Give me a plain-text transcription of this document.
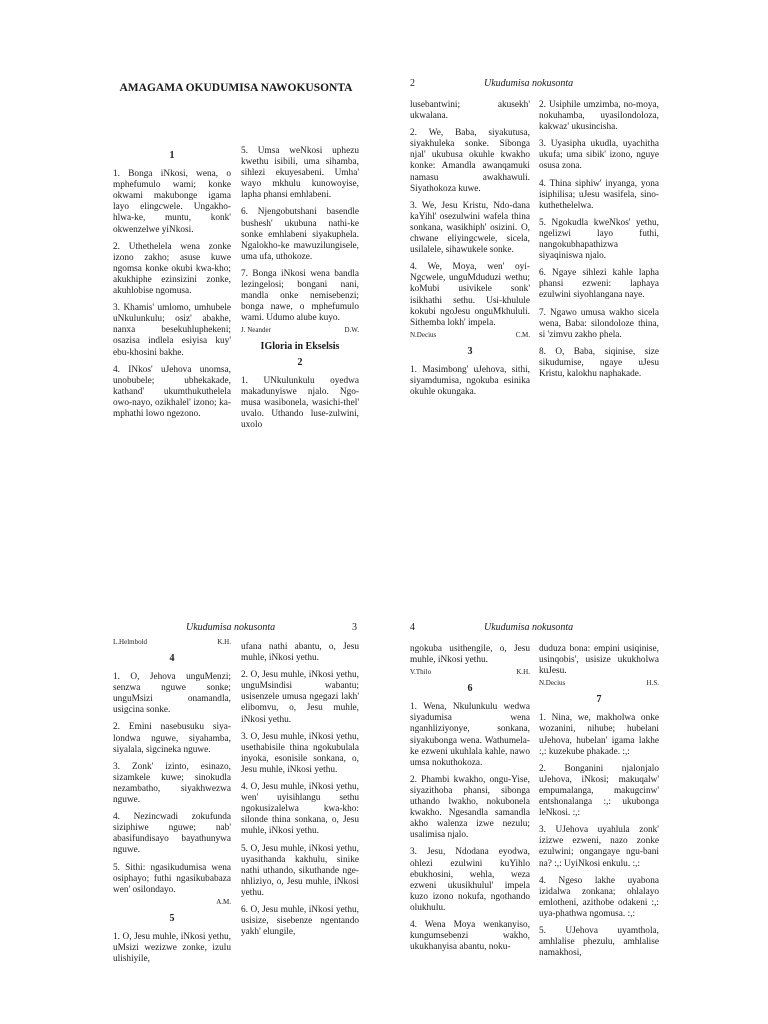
AMAGAMA OKUDUMISA NAWOKUSONTA
1
1. Bonga iNkosi, wena, o mphefumulo wami; konke okwami makubonge igama layo elingcwele. Ungakho-hlwa-ke, muntu, konk' okwenzelwe yiNkosi.
2. Uthethelela wena zonke izono zakho; asuse kuwe ngomsa konke okubi kwa-kho; akukhiphe ezinsizini zonke, akuhlobise ngomusa.
3. Khamis' umlomo, umhubele uNkulunkulu; osiz' abakhe, nanxa besekuhluphekeni; osazisa indlela esiyisa kuy' ebu-khosini bakhe.
4. INkos' uJehova unomsa, unobubele; ubhekakade, kathand' ukumthukuthelela owo-nayo, ozikhalel' izono; ka-mphathi lowo ngezono.
5. Umsa weNkosi uphezu kwethu isibili, uma sihamba, sihlezi ekuyesabeni. Umha' wayo mkhulu kunowoyise, lapha phansi emhlabeni.
6. Njengobutshani basendle bushesh' ukubuna nathi-ke sonke emhlabeni siyakuphela. Ngalokho-ke mawuzilungisele, uma ufa, uthokoze.
7. Bonga iNkosi wena bandla lezingelosi; bongani nani, mandla onke nemisebenzi; bonga nawe, o mphefumulo wami. Udumo alube kuyo.
J. Neander	D.W.
IGloria in Ekselsis
2
1. UNkulunkulu oyedwa makadunyiswe njalo. Ngo-musa wasibonela, wasichi-thel' uvalo. Uthando luse-zulwini, uxolo
2	Ukudumisa nokusonta
lusebantwini; akusekh' ukwalana.
2. We, Baba, siyakutusa, siyakhuleka sonke. Sibonga njal' ukubusa okuhle kwakho konke: Amandla awanqamuki namasu awakhawuli. Siyathokoza kuwe.
3. We, Jesu Kristu, Ndo-dana kaYihl' osezulwini wafela thina sonkana, wasikhiph' osizini. O, chwane eliyingcwele, sicela, usilalele, sihawukele sonke.
4. We, Moya, wen' oyi-Ngcwele, unguMduduzi wethu; koMubi usivikele sonk' isikhathi sethu. Usi-khulule kokubi ngoJesu onguMkhululi. Sithemba lokh' impela.
N.Decius	C.M.
3
1. Masimbong' uJehova, sithi, siyamdumisa, ngokuba esinika okuhle okungaka.
2. Usiphile umzimba, no-moya, nokuhamba, uyasilondoloza, kakwaz' ukusincisha.
3. Uyasipha ukudla, uyachitha ukufa; uma sibik' izono, nguye osusa zona.
4. Thina siphiw' inyanga, yona isiphilisa; uJesu wasifela, sino-kuthethelelwa.
5. Ngokudla kweNkos' yethu, ngelizwi layo futhi, nangokubhapathizwa siyaqiniswa njalo.
6. Ngaye sihlezi kahle lapha phansi ezweni: laphaya ezulwini siyohlangana naye.
7. Ngawo umusa wakho sicela wena, Baba: silondoloze thina, si 'zimvu zakho phela.
8. O, Baba, siqinise, size sikudumise, ngaye uJesu Kristu, kalokhu naphakade.
Ukudumisa nokusonta	3
L.Helmbold	K.H.
4
1. O, Jehova unguMenzi; senzwa nguwe sonke; unguMsizi onamandla, usigcina sonke.
2. Emini nasebusuku siya-londwa nguwe, siyahamba, siyalala, sigcineka nguwe.
3. Zonk' izinto, esinazo, sizamkele kuwe; sinokudla nezambatho, siyakhwezwa nguwe.
4. Nezincwadi zokufunda siziphiwe nguwe; nab' abasifundisayo bayathunywa nguwe.
5. Sithi: ngasikudumisa wena osiphayo; futhi ngasikubabaza wen' osilondayo.
A.M.
5
1. O, Jesu muhle, iNkosi yethu, uMsizi wezizwe zonke, izulu ulishiyile,
ufana nathi abantu, o, Jesu muhle, iNkosi yethu.
2. O, Jesu muhle, iNkosi yethu, unguMsindisi wabantu; usisenzele umusa ngegazi lakh' elibomvu, o, Jesu muhle, iNkosi yethu.
3. O, Jesu muhle, iNkosi yethu, usethabisile thina ngokubulala inyoka, esonisile sonkana, o, Jesu muhle, iNkosi yethu.
4. O, Jesu muhle, iNkosi yethu, wen' uyisihlangu sethu ngokusizalelwa kwa-kho: silonde thina sonkana, o, Jesu muhle, iNkosi yethu.
5. O, Jesu muhle, iNkosi yethu, uyasithanda kakhulu, sinike nathi uthando, sikuthande nge-nhliziyo, o, Jesu muhle, iNkosi yethu.
6. O, Jesu muhle, iNkosi yethu, usisize, sisebenze ngentando yakh' elungile,
4	Ukudumisa nokusonta
ngokuba usithengile, o, Jesu muhle, iNkosi yethu.
V.Thilo	K.H.
6
1. Wena, Nkulunkulu wedwa siyadumisa wena nganhliziyonye, sonkana, siyakubonga wena. Wathumela-ke ezweni ukuhlala kahle, nawo umsa nokuthokoza.
2. Phambi kwakho, ongu-Yise, siyazithoba phansi, sibonga uthando lwakho, nokubonela kwakho. Ngesandla samandla akho walenza izwe nezulu; usalimisa njalo.
3. Jesu, Ndodana eyodwa, ohlezi ezulwini kuYihlo ebukhosini, wehla, weza ezweni ukusikhulul' impela kuzo izono nokufa, ngothando olukhulu.
4. Wena Moya wenkanyiso, kungumsebenzi wakho, ukukhanyisa abantu, noku-
duduza bona: empini usiqinise, usinqobis', usisize ukukholwa kuJesu.
N.Decius	H.S.
7
1. Nina, we, makholwa onke wozanini, nihube; hubelani uJehova, hubelan' igama lakhe :,: kuzekube phakade. :,:
2. Bonganini njalonjalo uJehova, iNkosi; makuqalw' empumalanga, makugcinw' entshonalanga :,: ukubonga leNkosi. :,:
3. UJehova uyahlula zonk' izizwe ezweni, nazo zonke ezulwini; ongangaye ngu-bani na? :,: UyiNkosi enkulu. :,:
4. Ngeso lakhe uyabona izidalwa zonkana; ohlalayo emlotheni, azithobe odakeni :,: uya-phathwa ngomusa. :,:
5. UJehova uyamthola, amhlalise phezulu, amhlalise namakhosi,
